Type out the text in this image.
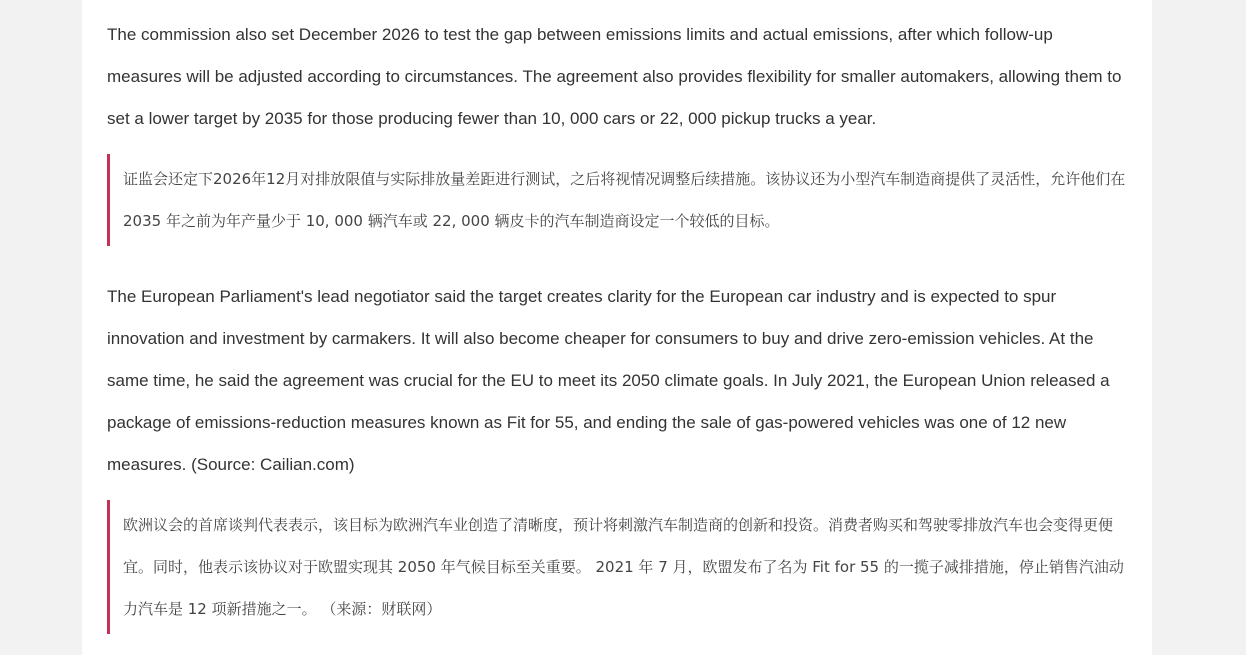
The commission also set December 2026 to test the gap between emissions limits and actual emissions, after which follow-up measures will be adjusted according to circumstances. The agreement also provides flexibility for smaller automakers, allowing them to set a lower target by 2035 for those producing fewer than 10, 000 cars or 22, 000 pickup trucks a year.

证监会还定下2026年12月对排放限值与实际排放量差距进行测试，之后将视情况调整后续措施。该协议还为小型汽车制造商提供了灵活性，允许他们在 2035 年之前为年产量少于 10, 000 辆汽车或 22, 000 辆皮卡的汽车制造商设定一个较低的目标。

The European Parliament's lead negotiator said the target creates clarity for the European car industry and is expected to spur innovation and investment by carmakers. It will also become cheaper for consumers to buy and drive zero-emission vehicles. At the same time, he said the agreement was crucial for the EU to meet its 2050 climate goals. In July 2021, the European Union released a package of emissions-reduction measures known as Fit for 55, and ending the sale of gas-powered vehicles was one of 12 new measures. (Source: Cailian.com)

欧洲议会的首席谈判代表表示，该目标为欧洲汽车业创造了清晰度，预计将刺激汽车制造商的创新和投资。消费者购买和驾驶零排放汽车也会变得更便宜。同时，他表示该协议对于欧盟实现其 2050 年气候目标至关重要。 2021 年 7 月，欧盟发布了名为 Fit for 55 的一揽子减排措施，停止销售汽油动力汽车是 12 项新措施之一。 （来源：财联网）
